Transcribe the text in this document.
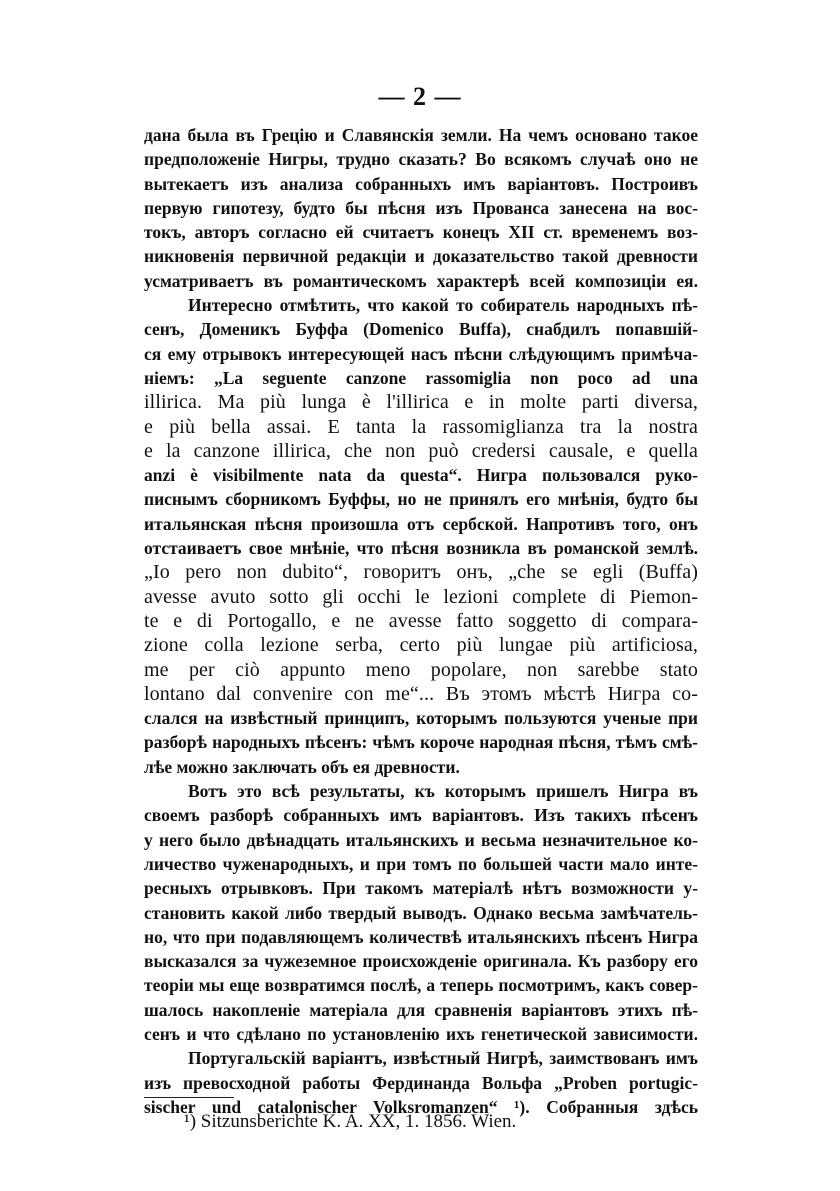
— 2 —
дана была въ Грецію и Славянскія земли. На чемъ основано такое
предположеніе Нигры, трудно сказать? Во всякомъ случаѣ оно не
вытекаетъ изъ анализа собранныхъ имъ варіантовъ. Построивъ
первую гипотезу, будто бы пѣсня изъ Прованса занесена на вос-
токъ, авторъ согласно ей считаетъ конецъ XII ст. временемъ воз-
никновенія первичной редакціи и доказательство такой древности
усматриваетъ въ романтическомъ характерѣ всей композиціи ея.
Интересно отмѣтить, что какой то собиратель народныхъ пѣ-
сенъ, Доменикъ Буффа (Domenico Buffa), снабдилъ попавшій-
ся ему отрывокъ интересующей насъ пѣсни слѣдующимъ примѣча-
ніемъ: „La seguente canzone rassomiglia non poco ad una
illirica. Ma più lunga è l'illirica e in molte parti diversa,
e più bella assai. E tanta la rassomiglianza tra la nostra
e la canzone illirica, che non può credersi causale, e quella
anzi è visibilmente nata da questa“. Нигра пользовался руко-
писнымъ сборникомъ Буффы, но не принялъ его мнѣнія, будто бы
итальянская пѣсня произошла отъ сербской. Напротивъ того, онъ
отстаиваетъ свое мнѣніе, что пѣсня возникла въ романской землѣ.
„Io pero non dubito“, говоритъ онъ, „che se egli (Buffa)
avesse avuto sotto gli occhi le lezioni complete di Piemon-
te e di Portogallo, e ne avesse fatto soggetto di compara-
zione colla lezione serba, certo più lungae più artificiosa,
me per ciò appunto meno popolare, non sarebbe stato
lontano dal convenire con me“... Въ этомъ мѣстѣ Нигра со-
слался на извѣстный принципъ, которымъ пользуются ученые при
разборѣ народныхъ пѣсенъ: чѣмъ короче народная пѣсня, тѣмъ смѣ-
лѣе можно заключать объ ея древности.
Вотъ это всѣ результаты, къ которымъ пришелъ Нигра въ
своемъ разборѣ собранныхъ имъ варіантовъ. Изъ такихъ пѣсенъ
у него было двѣнадцать итальянскихъ и весьма незначительное ко-
личество чуженародныхъ, и при томъ по большей части мало инте-
ресныхъ отрывковъ. При такомъ матеріалѣ нѣтъ возможности у-
становить какой либо твердый выводъ. Однако весьма замѣчатель-
но, что при подавляющемъ количествѣ итальянскихъ пѣсенъ Нигра
высказался за чужеземное происхожденіе оригинала. Къ разбору его
теоріи мы еще возвратимся послѣ, а теперь посмотримъ, какъ совер-
шалось накопленіе матеріала для сравненія варіантовъ этихъ пѣ-
сенъ и что сдѣлано по установленію ихъ генетической зависимости.
Португальскій варіантъ, извѣстный Нигрѣ, заимствованъ имъ
изъ превосходной работы Фердинанда Вольфа „Proben portugic-
sischer und catalonischer Volksromanzen“ ¹). Собранныя здѣсь
¹) Sitzunsberichte K. A. XX, 1. 1856. Wien.
